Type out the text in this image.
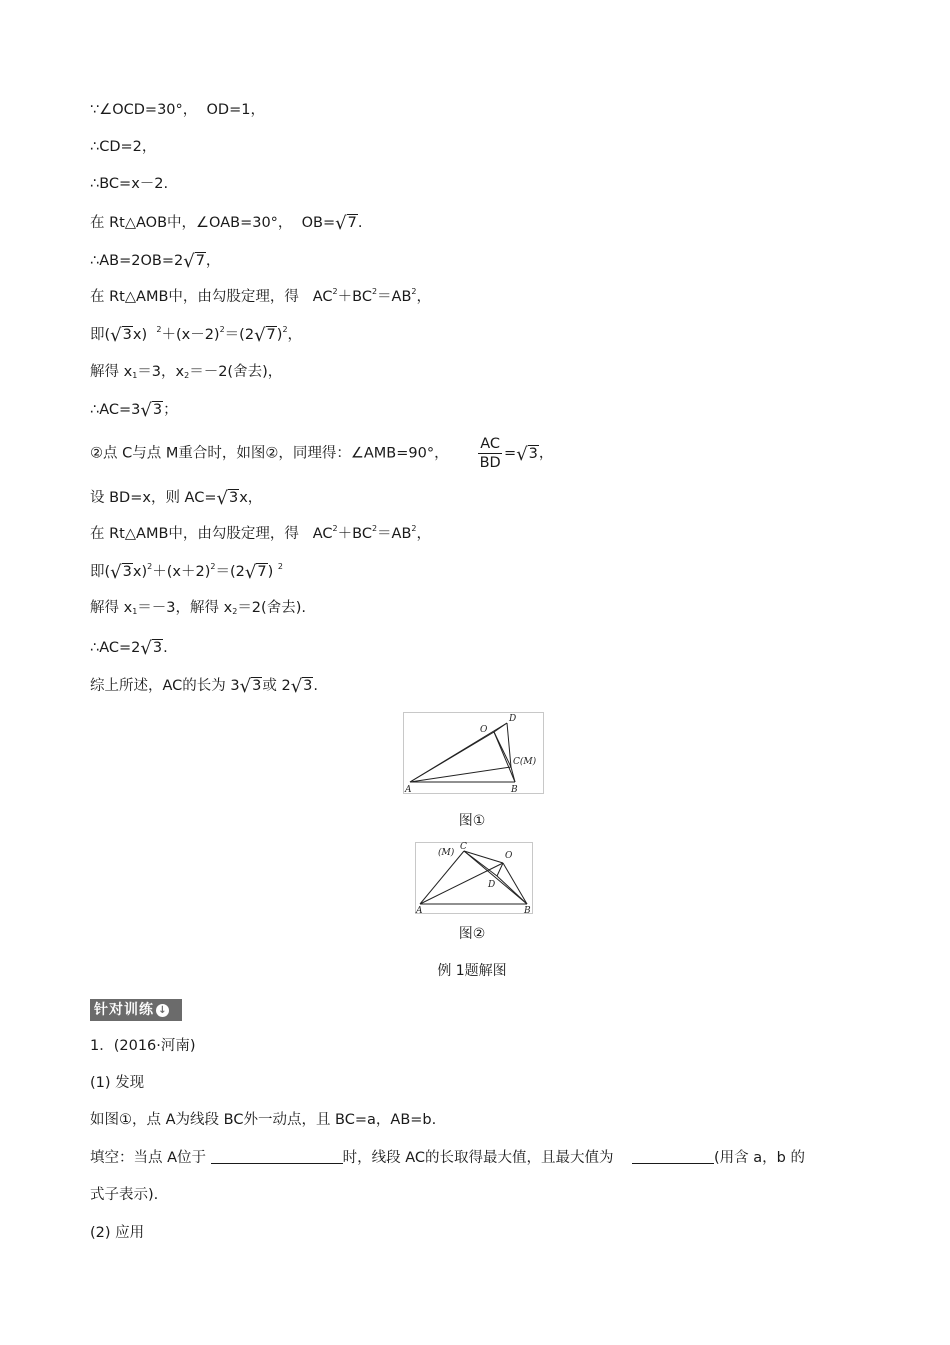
∵∠OCD=30°， OD=1，
∴CD=2，
∴BC=x－2.
在 Rt△AOB中，∠OAB=30°， OB=√7.
∴AB=2OB=2√7，
在 Rt△AMB中，由勾股定理，得 $AC^2+BC^2=AB^2$，
即(√3x) $^2+(x-2)^2=(2√7)^2$，
解得 $x_1=3$，$x_2=-2$(舍去)，
∴AC=3√3；
②点 C与点 M重合时，如图②，同理得：∠AMB=90°， $\frac{AC}{BD} =√3$，
设 BD=x，则 AC=√3x，
在 Rt△AMB中，由勾股定理，得 $AC^2+BC^2=AB^2$，
即$(√3x)^2+(x+2)^2=(2√7)$ $^2$
解得 $x_1=-3$，解得 $x_2=2$(舍去).
∴AC=2√3.
综上所述，AC的长为 3√3或 2√3.
O
D
C(M)
A	B
图①
(M)
C
O
D
A	B
图②
例 1题解图
针对训练 ↓
1．(2016·河南)
(1) 发现
如图①，点 A为线段 BC外一动点，且 BC=a，AB=b.
填空：当点 A位于	时，线段 AC的长取得最大值，且最大值为	(用含 a，b 的
式子表示).
(2) 应用
